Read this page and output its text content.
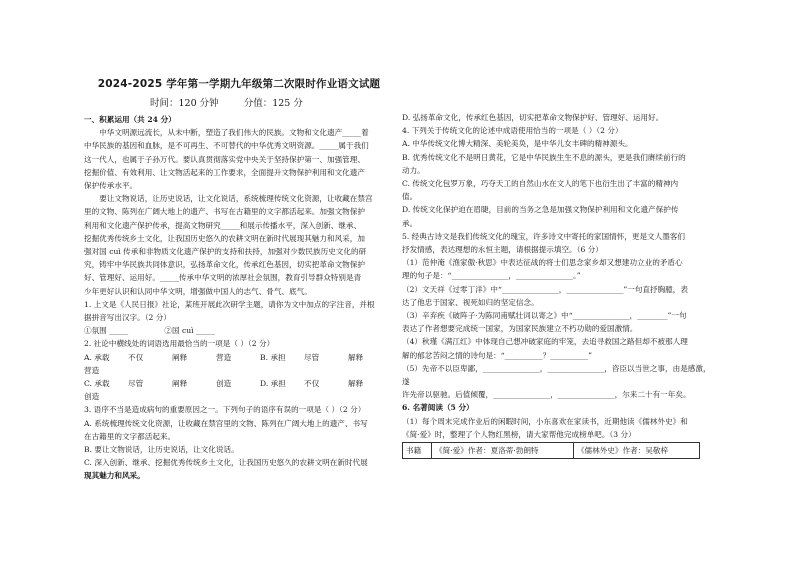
2024-2025 学年第一学期九年级第二次限时作业语文试题
时间：120 分钟	分值：125 分

一、积累运用（共 24 分）

中华文明源远流长，从未中断，塑造了我们伟大的民族。文物和文化遗产_____着

中华民族的基因和血脉，是不可再生、不可替代的中华优秀文明资源。_____属于我们

这一代人，也属于子孙万代。要认真贯彻落实党中央关于坚持保护第一、加强管理、

挖掘价值、有效利用、让文物活起来的工作要求，全面提升文物保护利用和文化遗产

保护传承水平。

要让文物说话，让历史说话，让文化说话，系统梳理传统文化资源，让收藏在禁宫

里的文物、陈列在广阔大地上的遗产、书写在古籍里的文字都活起来。加强文物保护

利用和文化遗产保护传承，提高文物研究_____和展示传播水平，深入创新、继承、

挖掘优秀传统乡土文化，让我国历史悠久的农耕文明在新时代展现其魅力和风采，加

强对国 cuì 传承和非物质文化遗产保护的支持和扶持，加强对少数民族历史文化的研

究，铸牢中华民族共同体意识，弘扬革命文化，传承红色基因，切实把革命文物保护

好、管理好、运用好。_____传承中华文明的浓厚社会氛围，教育引导群众特别是青

少年更好认识和认同中华文明，增强做中国人的志气、骨气、底气。

1. 上文是《人民日报》社论，某班开展此次研学主题，请你为文中加点的字注音，并根

据拼音写出汉字。（2 分）

①氛围 _____	②国 cuì _____

2. 社论中横线处的词语选用最恰当的一项是（ ）（2 分）

A. 承载 不仅	阐释	营造	B. 承担 尽管	解释营造

C. 承载 尽管	阐释	创造	D. 承担 不仅	解释创造

3. 语序不当是造成病句的重要原因之一。下列句子的语序有误的一项是（ ）（2 分）

A. 系统梳理传统文化资源，让收藏在禁宫里的文物、陈列在广阔大地上的遗产、书写

在古籍里的文字都活起来。

B. 要让文物说话，让历史说话，让文化说话。

C. 深入创新、继承、挖掘优秀传统乡土文化，让我国历史悠久的农耕文明在新时代展

现其魅力和风采。

D. 弘扬革命文化，传承红色基因，切实把革命文物保护好、管理好、运用好。

4. 下列关于传统文化的论述中成语使用恰当的一项是（ ）（2 分）

A. 中华传统文化博大精深、美轮美奂，是中华儿女丰碑的精神源头。

B. 优秀传统文化不是明日黄花，它是中华民族生生不息的源头，更是我们赓续前行的

动力。

C. 传统文化包罗万象，巧夺天工的自然山水在文人的笔下也衍生出了丰富的精神内

值。

D. 传统文化保护迫在眉睫，目前的当务之急是加强文物保护利用和文化遗产保护传

承。

5. 经典古诗文是我们传统文化的瑰宝，许多诗文中寄托的家国情怀，更是文人墨客们

抒发情感，表达理想的永恒主题，请根据提示填空。（6 分）

（1）范仲淹《渔家傲·秋思》中表达征战的将士们思念家乡却又想建功立业的矛盾心

理的句子是：“_______________，_______________。”

（2）文天祥《过零丁洋》中“_______________，_______________”一句直抒胸臆，表

达了他忠于国家、视死如归的坚定信念。

（3）辛弃疾《破阵子·为陈同甫赋壮词以寄之》中“_______________，________”一句

表达了作者想要完成统一国家，为国家民族建立不朽功勋的爱国激情。

（4）秋瑾《满江红》中体现自己想冲破家庭的牢笼，去追寻救国之路但却不被那人理

解的郁忿苦闷之情的诗句是：“__________？__________”

（5）先帝不以臣卑鄙，_______________，_______________，咨臣以当世之事，由是感激，遂

许先帝以驱驰。后值倾覆，_______________，_______________，尔来二十有一年矣。

6. 名著阅读（5 分）

（1）每个周末完成作业后的闲暇时间，小东喜欢在家读书，近期他读《儒林外史》和

《简·爱》时，整理了个人物红黑榜，请大家帮他完成榜单吧。（3 分）

书籍	《简·爱》作者：夏洛蒂·勃朗特	《儒林外史》作者：吴敬梓
